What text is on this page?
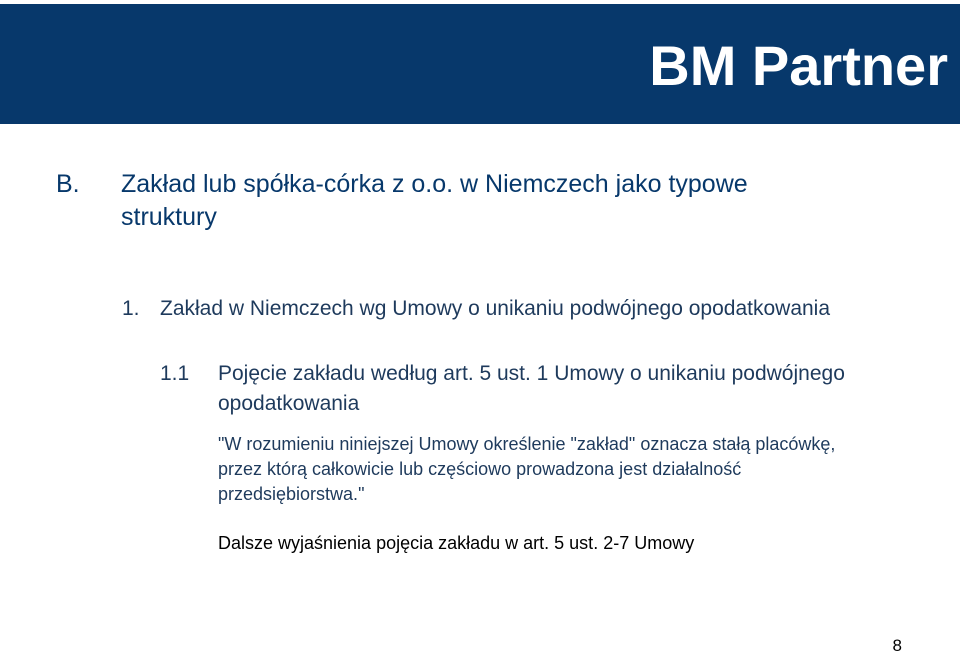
BM Partner
B. Zakład lub spółka-córka z o.o. w Niemczech jako typowe struktury
1. Zakład w Niemczech wg Umowy o unikaniu podwójnego opodatkowania
1.1 Pojęcie zakładu według art. 5 ust. 1 Umowy o unikaniu podwójnego opodatkowania
"W rozumieniu niniejszej Umowy określenie "zakład" oznacza stałą placówkę, przez którą całkowicie lub częściowo prowadzona jest działalność przedsiębiorstwa."
Dalsze wyjaśnienia pojęcia zakładu w art. 5 ust. 2-7 Umowy
8
